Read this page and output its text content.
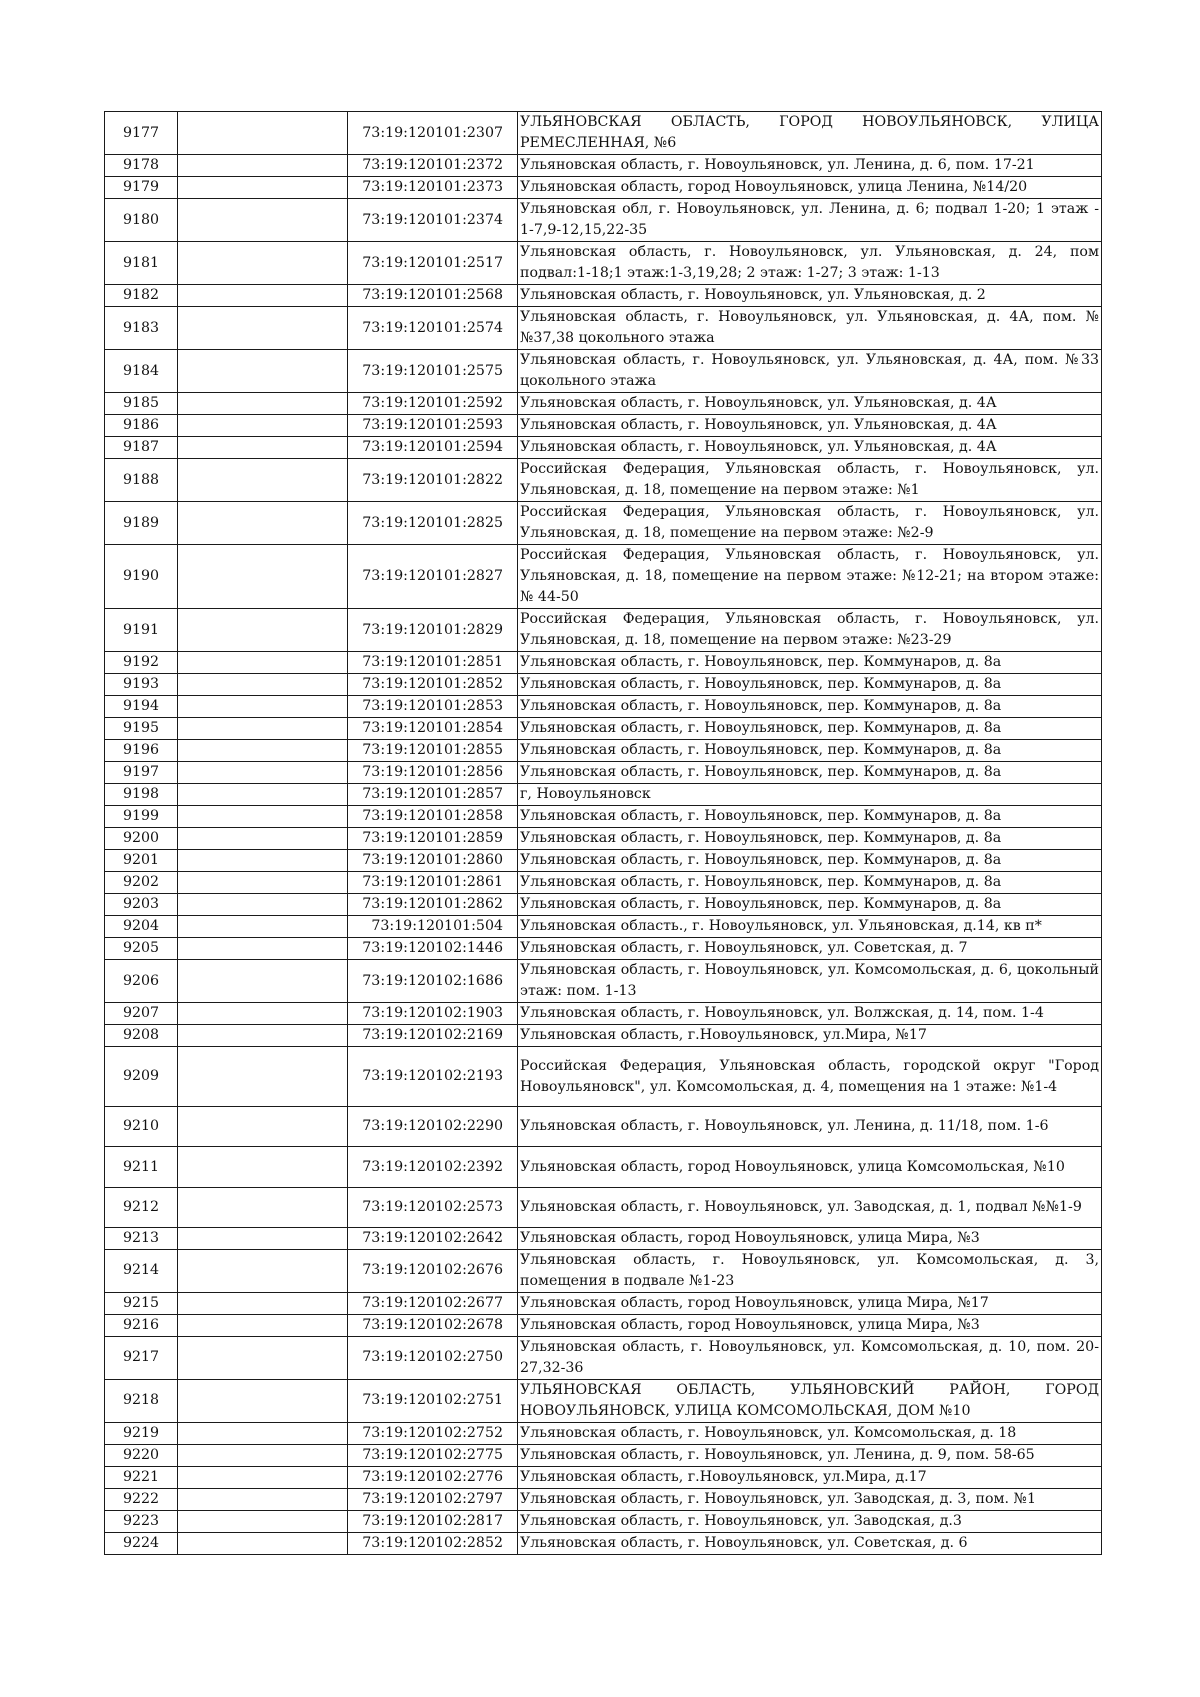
9177		73:19:120101:2307	УЛЬЯНОВСКАЯ ОБЛАСТЬ, ГОРОД НОВОУЛЬЯНОВСК, УЛИЦА РЕМЕСЛЕННАЯ, №6
9178		73:19:120101:2372	Ульяновская область, г. Новоульяновск, ул. Ленина, д. 6, пом. 17-21
9179		73:19:120101:2373	Ульяновская область, город Новоульяновск, улица Ленина, №14/20
9180		73:19:120101:2374	Ульяновская обл, г. Новоульяновск, ул. Ленина, д. 6; подвал 1-20; 1 этаж - 1-7,9-12,15,22-35
9181		73:19:120101:2517	Ульяновская область, г. Новоульяновск, ул. Ульяновская, д. 24, пом подвал:1-18;1 этаж:1-3,19,28; 2 этаж: 1-27; 3 этаж: 1-13
9182		73:19:120101:2568	Ульяновская область, г. Новоульяновск, ул. Ульяновская, д. 2
9183		73:19:120101:2574	Ульяновская область, г. Новоульяновск, ул. Ульяновская, д. 4А, пом. №№37,38 цокольного этажа
9184		73:19:120101:2575	Ульяновская область, г. Новоульяновск, ул. Ульяновская, д. 4А, пом. №33 цокольного этажа
9185		73:19:120101:2592	Ульяновская область, г. Новоульяновск, ул. Ульяновская, д. 4А
9186		73:19:120101:2593	Ульяновская область, г. Новоульяновск, ул. Ульяновская, д. 4А
9187		73:19:120101:2594	Ульяновская область, г. Новоульяновск, ул. Ульяновская, д. 4А
9188		73:19:120101:2822	Российская Федерация, Ульяновская область, г. Новоульяновск, ул. Ульяновская, д. 18, помещение на первом этаже: №1
9189		73:19:120101:2825	Российская Федерация, Ульяновская область, г. Новоульяновск, ул. Ульяновская, д. 18, помещение на первом этаже: №2-9
9190		73:19:120101:2827	Российская Федерация, Ульяновская область, г. Новоульяновск, ул. Ульяновская, д. 18, помещение на первом этаже: №12-21; на втором этаже: № 44-50
9191		73:19:120101:2829	Российская Федерация, Ульяновская область, г. Новоульяновск, ул. Ульяновская, д. 18, помещение на первом этаже: №23-29
9192		73:19:120101:2851	Ульяновская область, г. Новоульяновск, пер. Коммунаров, д. 8а
9193		73:19:120101:2852	Ульяновская область, г. Новоульяновск, пер. Коммунаров, д. 8а
9194		73:19:120101:2853	Ульяновская область, г. Новоульяновск, пер. Коммунаров, д. 8а
9195		73:19:120101:2854	Ульяновская область, г. Новоульяновск, пер. Коммунаров, д. 8а
9196		73:19:120101:2855	Ульяновская область, г. Новоульяновск, пер. Коммунаров, д. 8а
9197		73:19:120101:2856	Ульяновская область, г. Новоульяновск, пер. Коммунаров, д. 8а
9198		73:19:120101:2857	г, Новоульяновск
9199		73:19:120101:2858	Ульяновская область, г. Новоульяновск, пер. Коммунаров, д. 8а
9200		73:19:120101:2859	Ульяновская область, г. Новоульяновск, пер. Коммунаров, д. 8а
9201		73:19:120101:2860	Ульяновская область, г. Новоульяновск, пер. Коммунаров, д. 8а
9202		73:19:120101:2861	Ульяновская область, г. Новоульяновск, пер. Коммунаров, д. 8а
9203		73:19:120101:2862	Ульяновская область, г. Новоульяновск, пер. Коммунаров, д. 8а
9204		73:19:120101:504	Ульяновская область., г. Новоульяновск, ул. Ульяновская, д.14, кв п*
9205		73:19:120102:1446	Ульяновская область, г. Новоульяновск, ул. Советская, д. 7
9206		73:19:120102:1686	Ульяновская область, г. Новоульяновск, ул. Комсомольская, д. 6, цокольный этаж: пом. 1-13
9207		73:19:120102:1903	Ульяновская область, г. Новоульяновск, ул. Волжская, д. 14, пом. 1-4
9208		73:19:120102:2169	Ульяновская область, г.Новоульяновск, ул.Мира, №17
9209		73:19:120102:2193	Российская Федерация, Ульяновская область, городской округ "Город Новоульяновск", ул. Комсомольская, д. 4, помещения на 1 этаже: №1-4
9210		73:19:120102:2290	Ульяновская область, г. Новоульяновск, ул. Ленина, д. 11/18, пом. 1-6
9211		73:19:120102:2392	Ульяновская область, город Новоульяновск, улица Комсомольская, №10
9212		73:19:120102:2573	Ульяновская область, г. Новоульяновск, ул. Заводская, д. 1, подвал №№1-9
9213		73:19:120102:2642	Ульяновская область, город Новоульяновск, улица Мира, №3
9214		73:19:120102:2676	Ульяновская область, г. Новоульяновск, ул. Комсомольская, д. 3, помещения в подвале №1-23
9215		73:19:120102:2677	Ульяновская область, город Новоульяновск, улица Мира, №17
9216		73:19:120102:2678	Ульяновская область, город Новоульяновск, улица Мира, №3
9217		73:19:120102:2750	Ульяновская область, г. Новоульяновск, ул. Комсомольская, д. 10, пом. 20-27,32-36
9218		73:19:120102:2751	УЛЬЯНОВСКАЯ ОБЛАСТЬ, УЛЬЯНОВСКИЙ РАЙОН, ГОРОД НОВОУЛЬЯНОВСК, УЛИЦА КОМСОМОЛЬСКАЯ, ДОМ №10
9219		73:19:120102:2752	Ульяновская область, г. Новоульяновск, ул. Комсомольская, д. 18
9220		73:19:120102:2775	Ульяновская область, г. Новоульяновск, ул. Ленина, д. 9, пом. 58-65
9221		73:19:120102:2776	Ульяновская область, г.Новоульяновск, ул.Мира, д.17
9222		73:19:120102:2797	Ульяновская область, г. Новоульяновск, ул. Заводская, д. 3, пом. №1
9223		73:19:120102:2817	Ульяновская область, г. Новоульяновск, ул. Заводская, д.3
9224		73:19:120102:2852	Ульяновская область, г. Новоульяновск, ул. Советская, д. 6
